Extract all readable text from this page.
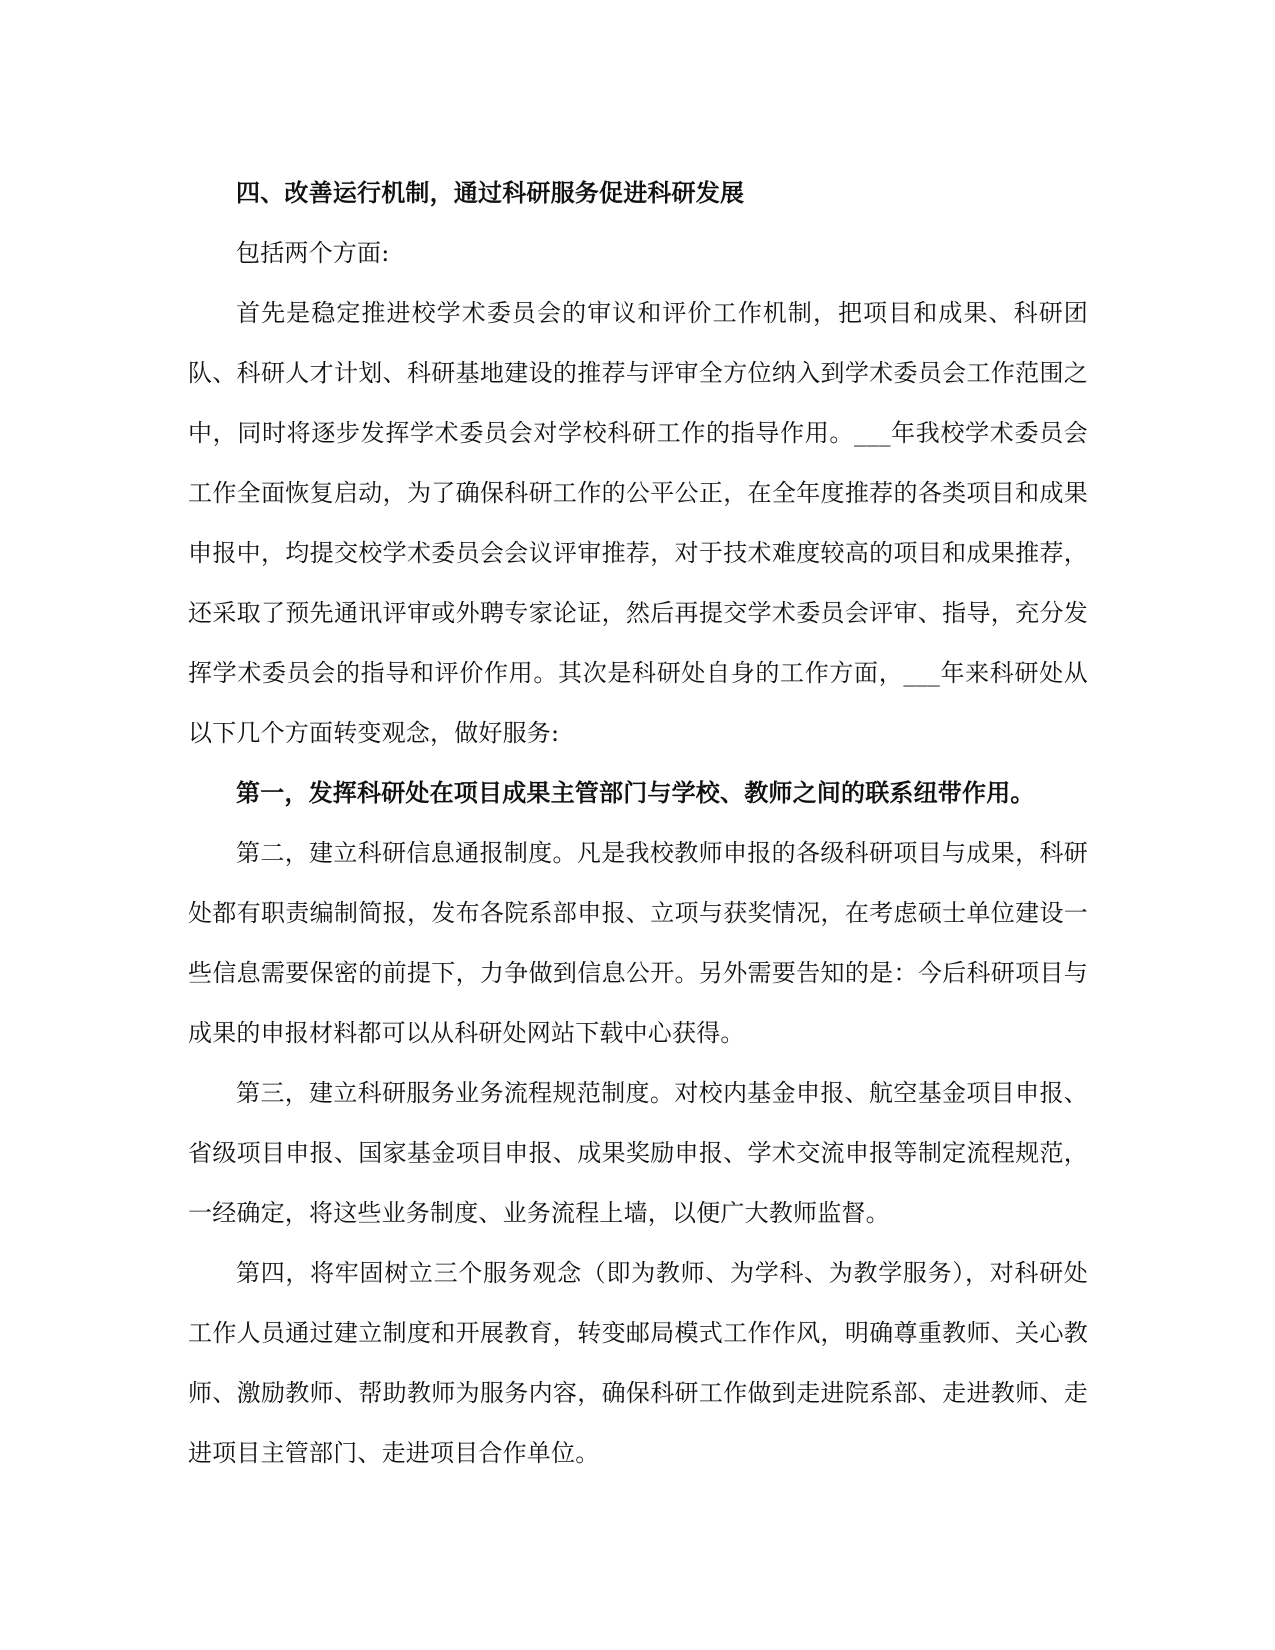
四、改善运行机制，通过科研服务促进科研发展

包括两个方面:

首先是稳定推进校学术委员会的审议和评价工作机制，把项目和成果、科研团队、科研人才计划、科研基地建设的推荐与评审全方位纳入到学术委员会工作范围之中，同时将逐步发挥学术委员会对学校科研工作的指导作用。___年我校学术委员会工作全面恢复启动，为了确保科研工作的公平公正，在全年度推荐的各类项目和成果申报中，均提交校学术委员会会议评审推荐，对于技术难度较高的项目和成果推荐，还采取了预先通讯评审或外聘专家论证，然后再提交学术委员会评审、指导，充分发挥学术委员会的指导和评价作用。其次是科研处自身的工作方面，___年来科研处从以下几个方面转变观念，做好服务:

第一，发挥科研处在项目成果主管部门与学校、教师之间的联系纽带作用。

第二，建立科研信息通报制度。凡是我校教师申报的各级科研项目与成果，科研处都有职责编制简报，发布各院系部申报、立项与获奖情况，在考虑硕士单位建设一些信息需要保密的前提下，力争做到信息公开。另外需要告知的是：今后科研项目与成果的申报材料都可以从科研处网站下载中心获得。

第三，建立科研服务业务流程规范制度。对校内基金申报、航空基金项目申报、省级项目申报、国家基金项目申报、成果奖励申报、学术交流申报等制定流程规范，一经确定，将这些业务制度、业务流程上墙，以便广大教师监督。

第四，将牢固树立三个服务观念（即为教师、为学科、为教学服务），对科研处工作人员通过建立制度和开展教育，转变邮局模式工作作风，明确尊重教师、关心教师、激励教师、帮助教师为服务内容，确保科研工作做到走进院系部、走进教师、走进项目主管部门、走进项目合作单位。
